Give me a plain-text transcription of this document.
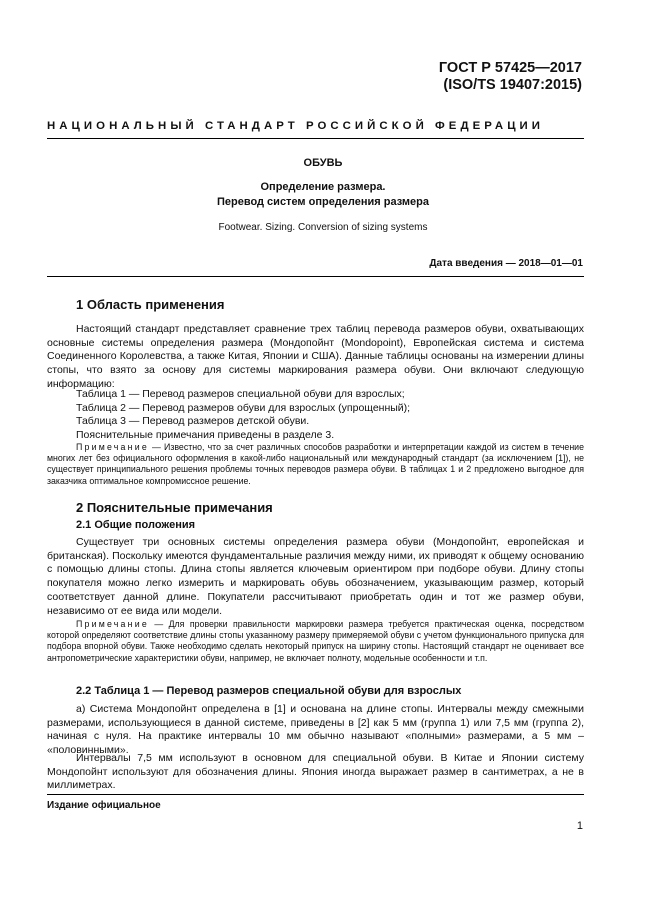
ГОСТ Р 57425—2017
(ISO/TS 19407:2015)
НАЦИОНАЛЬНЫЙ СТАНДАРТ РОССИЙСКОЙ ФЕДЕРАЦИИ
ОБУВЬ
Определение размера.
Перевод систем определения размера
Footwear. Sizing. Conversion of sizing systems
Дата введения — 2018—01—01
1 Область применения
Настоящий стандарт представляет сравнение трех таблиц перевода размеров обуви, охватывающих основные системы определения размера (Мондопойнт (Mondopoint), Европейская система и система Соединенного Королевства, а также Китая, Японии и США). Данные таблицы основаны на измерении длины стопы, что взято за основу для системы маркирования размера обуви. Они включают следующую информацию:
Таблица 1 — Перевод размеров специальной обуви для взрослых;
Таблица 2 — Перевод размеров обуви для взрослых (упрощенный);
Таблица 3 — Перевод размеров детской обуви.
Пояснительные примечания приведены в разделе 3.
Примечание — Известно, что за счет различных способов разработки и интерпретации каждой из систем в течение многих лет без официального оформления в какой-либо национальный или международный стандарт (за исключением [1]), не существует принципиального решения проблемы точных переводов размера обуви. В таблицах 1 и 2 предложено выгодное для заказчика оптимальное компромиссное решение.
2 Пояснительные примечания
2.1 Общие положения
Существует три основных системы определения размера обуви (Мондопойнт, европейская и британская). Поскольку имеются фундаментальные различия между ними, их приводят к общему основанию с помощью длины стопы. Длина стопы является ключевым ориентиром при подборе обуви. Длину стопы покупателя можно легко измерить и маркировать обувь обозначением, указывающим размер, который соответствует данной длине. Покупатели рассчитывают приобретать один и тот же размер обуви, независимо от ее вида или модели.
Примечание — Для проверки правильности маркировки размера требуется практическая оценка, посредством которой определяют соответствие длины стопы указанному размеру примеряемой обуви с учетом функционального припуска для подбора впорной обуви. Также необходимо сделать некоторый припуск на ширину стопы. Настоящий стандарт не оценивает все антропометрические характеристики обуви, например, не включает полноту, модельные особенности и т.п.
2.2 Таблица 1 — Перевод размеров специальной обуви для взрослых
а) Система Мондопойнт определена в [1] и основана на длине стопы. Интервалы между смежными размерами, использующиеся в данной системе, приведены в [2] как 5 мм (группа 1) или 7,5 мм (группа 2), начиная с нуля. На практике интервалы 10 мм обычно называют «полными» размерами, а 5 мм – «половинными».
Интервалы 7,5 мм используют в основном для специальной обуви. В Китае и Японии систему Мондопойнт используют для обозначения длины. Япония иногда выражает размер в сантиметрах, а не в миллиметрах.
Издание официальное
1
